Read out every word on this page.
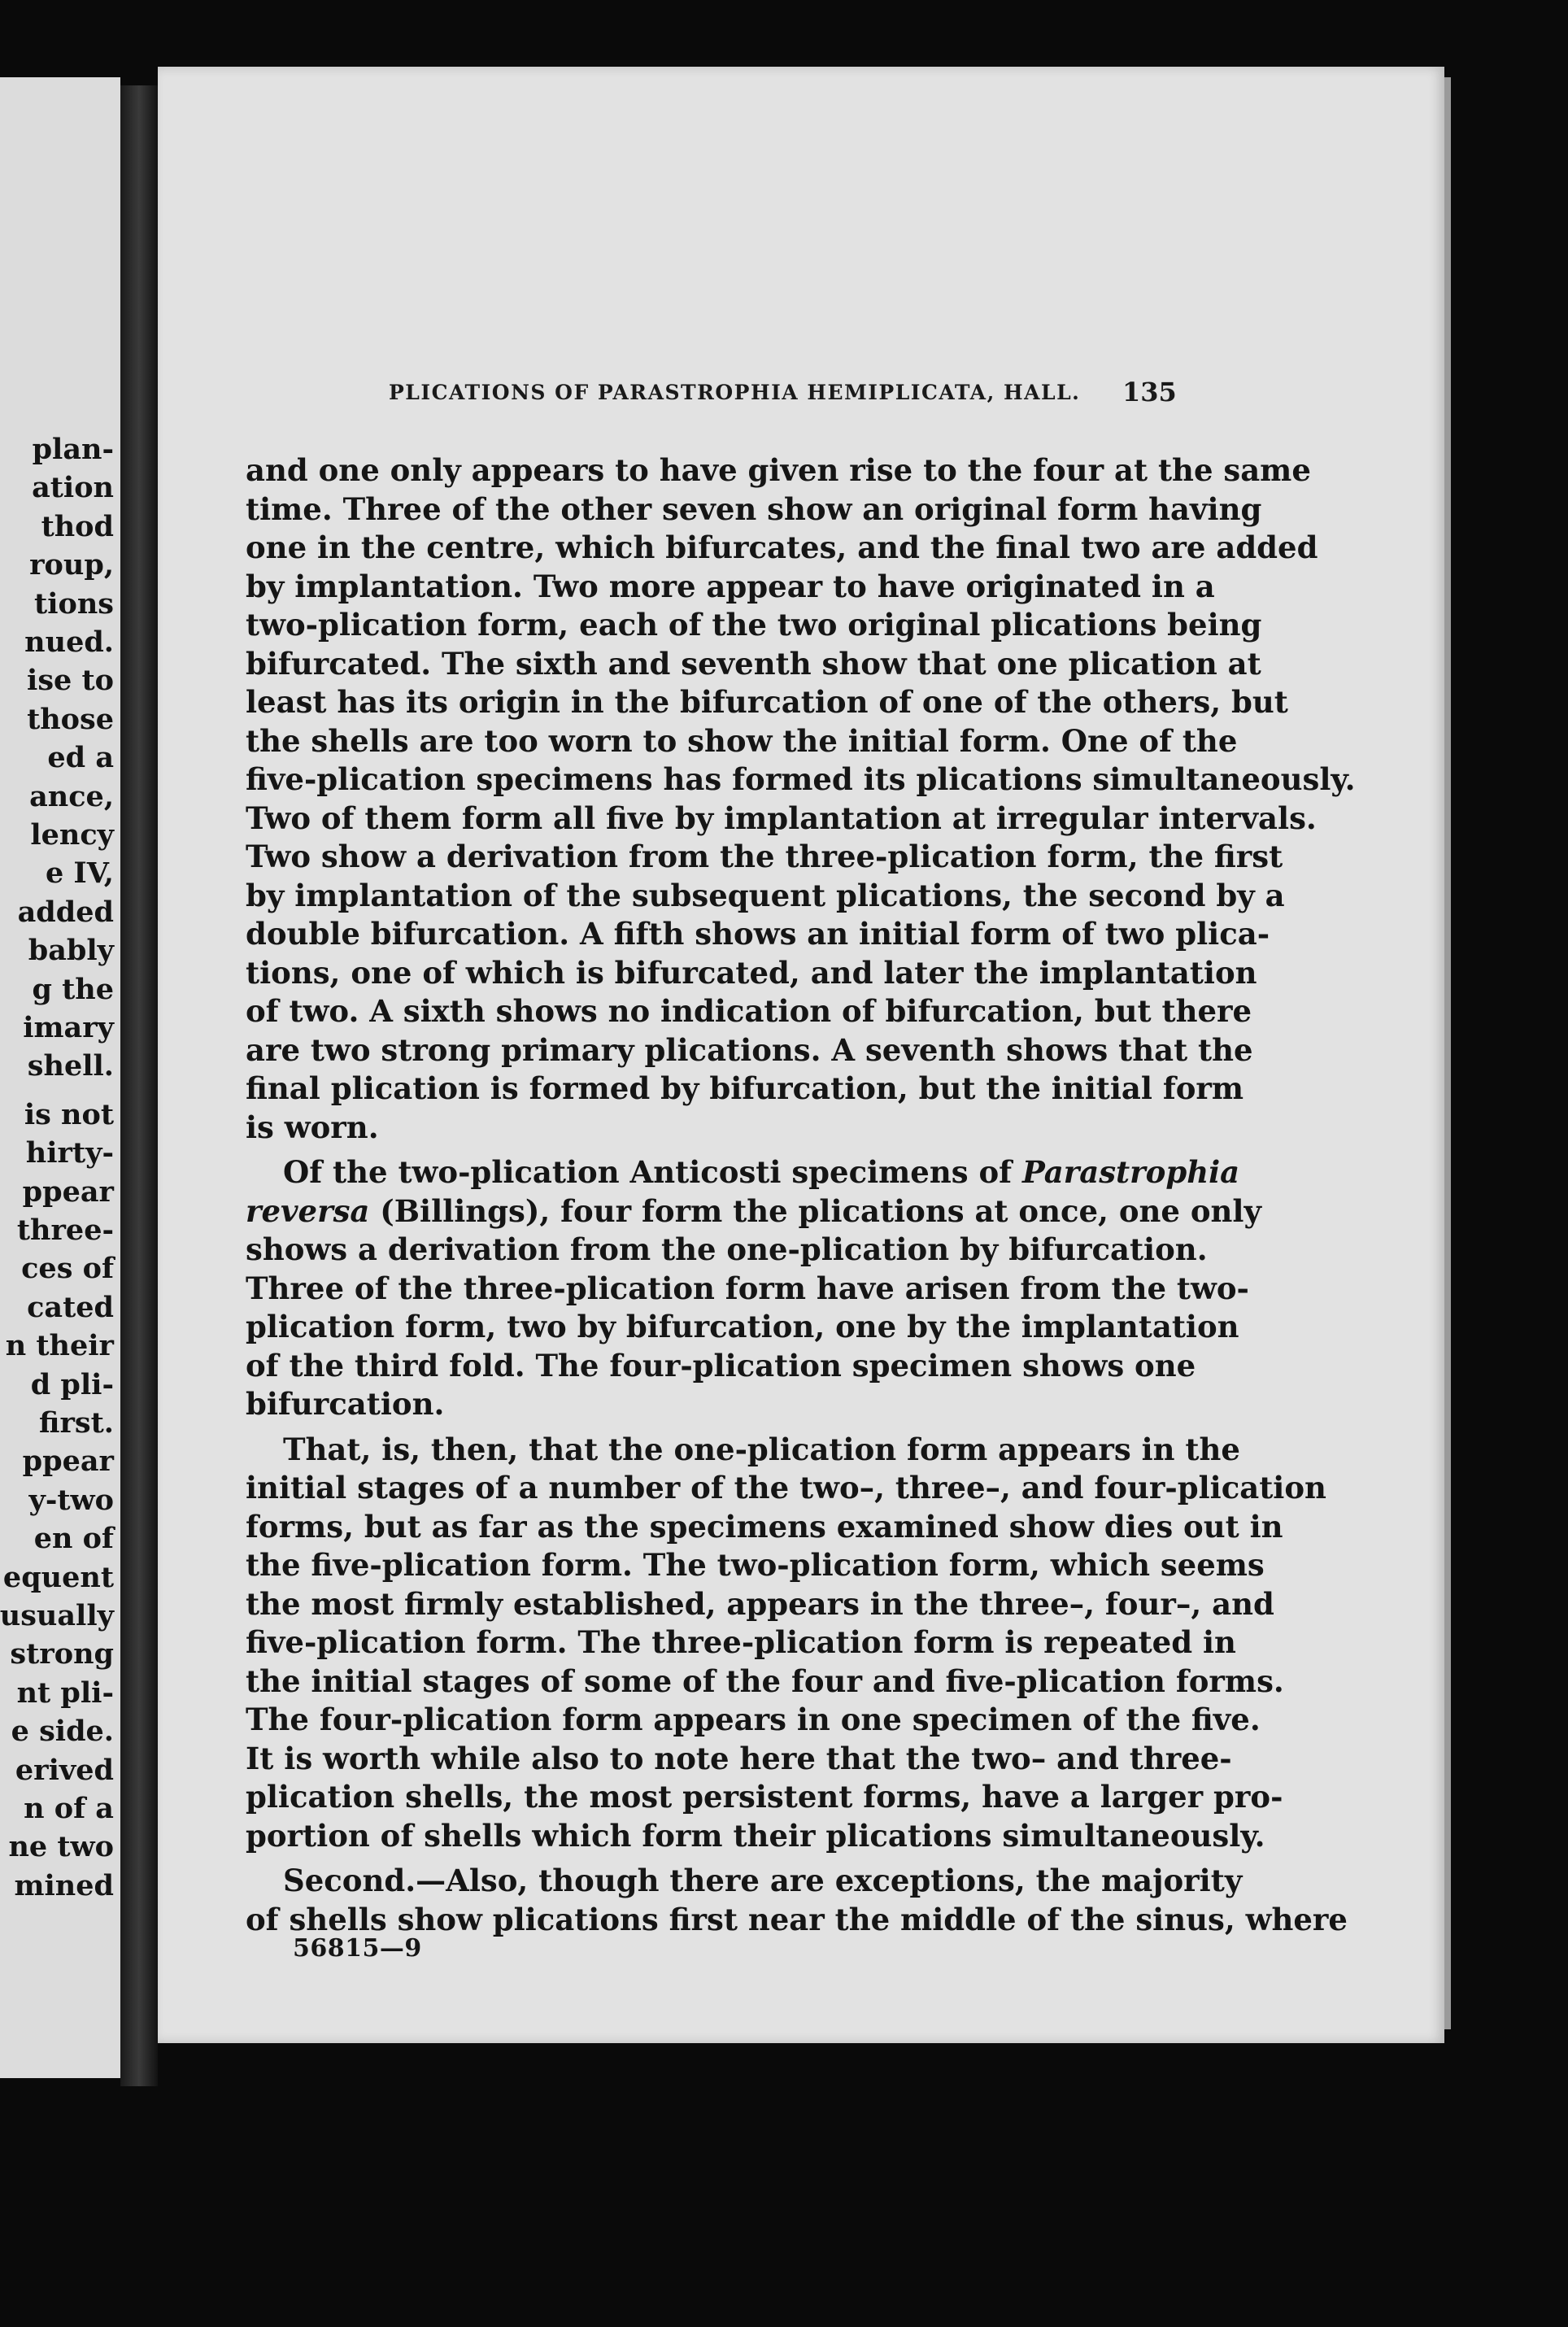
plan-
ation
thod
roup,
tions
nued.
ise to
those
ed a
ance,
lency
e IV,
added
bably
g the
imary
shell.
is not
hirty-
ppear
three-
ces of
cated
n their
d pli-
first.
ppear
y-two
en of
equent
usually
strong
nt pli-
e side.
erived
n of a
ne two
mined
PLICATIONS OF PARASTROPHIA HEMIPLICATA, HALL. 135
and one only appears to have given rise to the four at the same
time. Three of the other seven show an original form having
one in the centre, which bifurcates, and the final two are added
by implantation. Two more appear to have originated in a
two-plication form, each of the two original plications being
bifurcated. The sixth and seventh show that one plication at
least has its origin in the bifurcation of one of the others, but
the shells are too worn to show the initial form. One of the
five-plication specimens has formed its plications simultaneously.
Two of them form all five by implantation at irregular intervals.
Two show a derivation from the three-plication form, the first
by implantation of the subsequent plications, the second by a
double bifurcation. A fifth shows an initial form of two plica-
tions, one of which is bifurcated, and later the implantation
of two. A sixth shows no indication of bifurcation, but there
are two strong primary plications. A seventh shows that the
final plication is formed by bifurcation, but the initial form
is worn.
Of the two-plication Anticosti specimens of Parastrophia
reversa (Billings), four form the plications at once, one only
shows a derivation from the one-plication by bifurcation.
Three of the three-plication form have arisen from the two-
plication form, two by bifurcation, one by the implantation
of the third fold. The four-plication specimen shows one
bifurcation.
That, is, then, that the one-plication form appears in the
initial stages of a number of the two–, three–, and four-plication
forms, but as far as the specimens examined show dies out in
the five-plication form. The two-plication form, which seems
the most firmly established, appears in the three–, four–, and
five-plication form. The three-plication form is repeated in
the initial stages of some of the four and five-plication forms.
The four-plication form appears in one specimen of the five.
It is worth while also to note here that the two– and three-
plication shells, the most persistent forms, have a larger pro-
portion of shells which form their plications simultaneously.
Second.—Also, though there are exceptions, the majority
of shells show plications first near the middle of the sinus, where
56815—9
